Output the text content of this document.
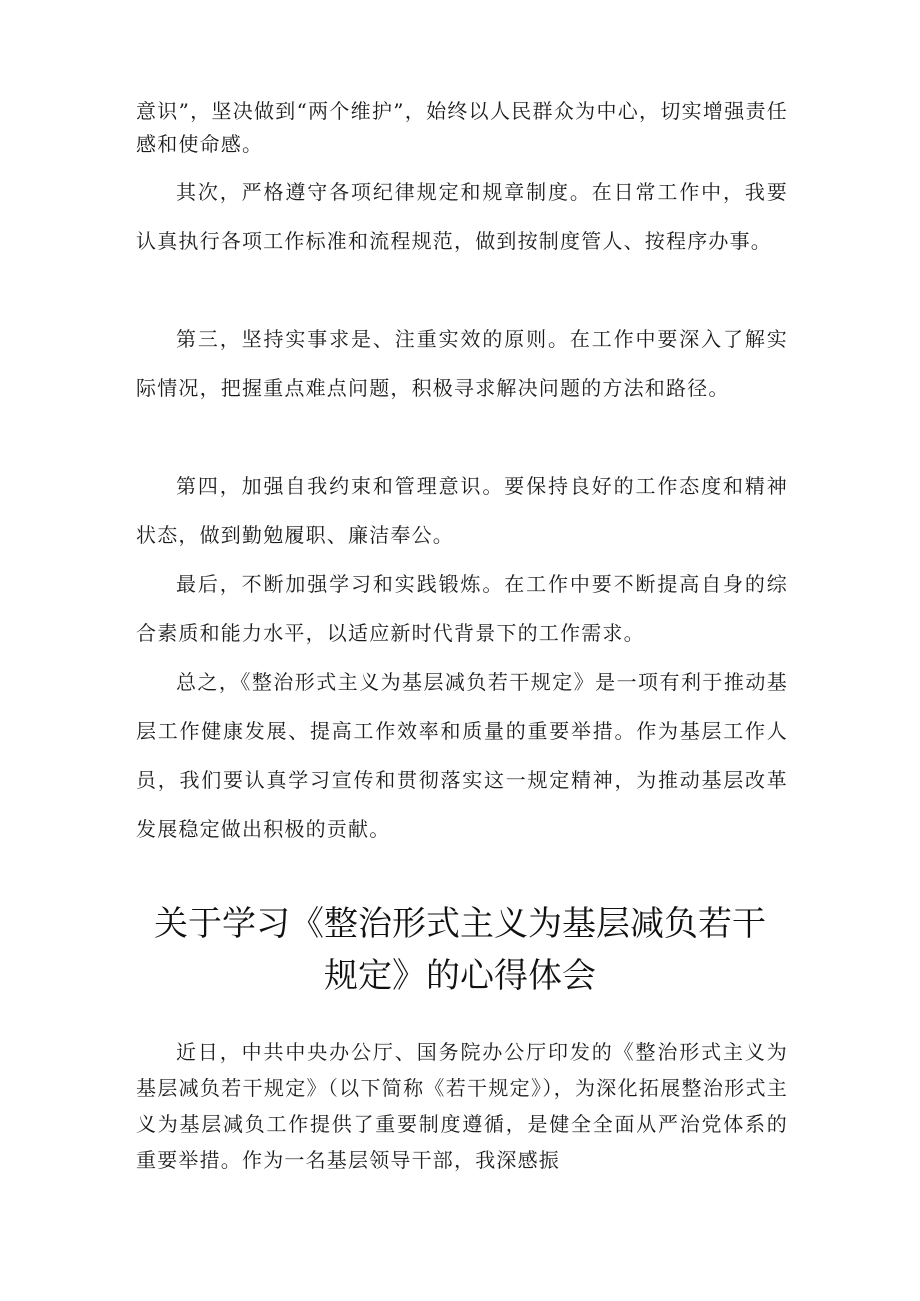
意识”，坚决做到“两个维护”，始终以人民群众为中心，切实增强责任感和使命感。

其次，严格遵守各项纪律规定和规章制度。在日常工作中，我要认真执行各项工作标准和流程规范，做到按制度管人、按程序办事。

第三，坚持实事求是、注重实效的原则。在工作中要深入了解实际情况，把握重点难点问题，积极寻求解决问题的方法和路径。

第四，加强自我约束和管理意识。要保持良好的工作态度和精神状态，做到勤勉履职、廉洁奉公。

最后，不断加强学习和实践锻炼。在工作中要不断提高自身的综合素质和能力水平，以适应新时代背景下的工作需求。

总之，《整治形式主义为基层减负若干规定》是一项有利于推动基层工作健康发展、提高工作效率和质量的重要举措。作为基层工作人员，我们要认真学习宣传和贯彻落实这一规定精神，为推动基层改革发展稳定做出积极的贡献。

关于学习《整治形式主义为基层减负若干
规定》的心得体会

近日，中共中央办公厅、国务院办公厅印发的《整治形式主义为基层减负若干规定》（以下简称《若干规定》），为深化拓展整治形式主义为基层减负工作提供了重要制度遵循，是健全全面从严治党体系的重要举措。作为一名基层领导干部，我深感振
